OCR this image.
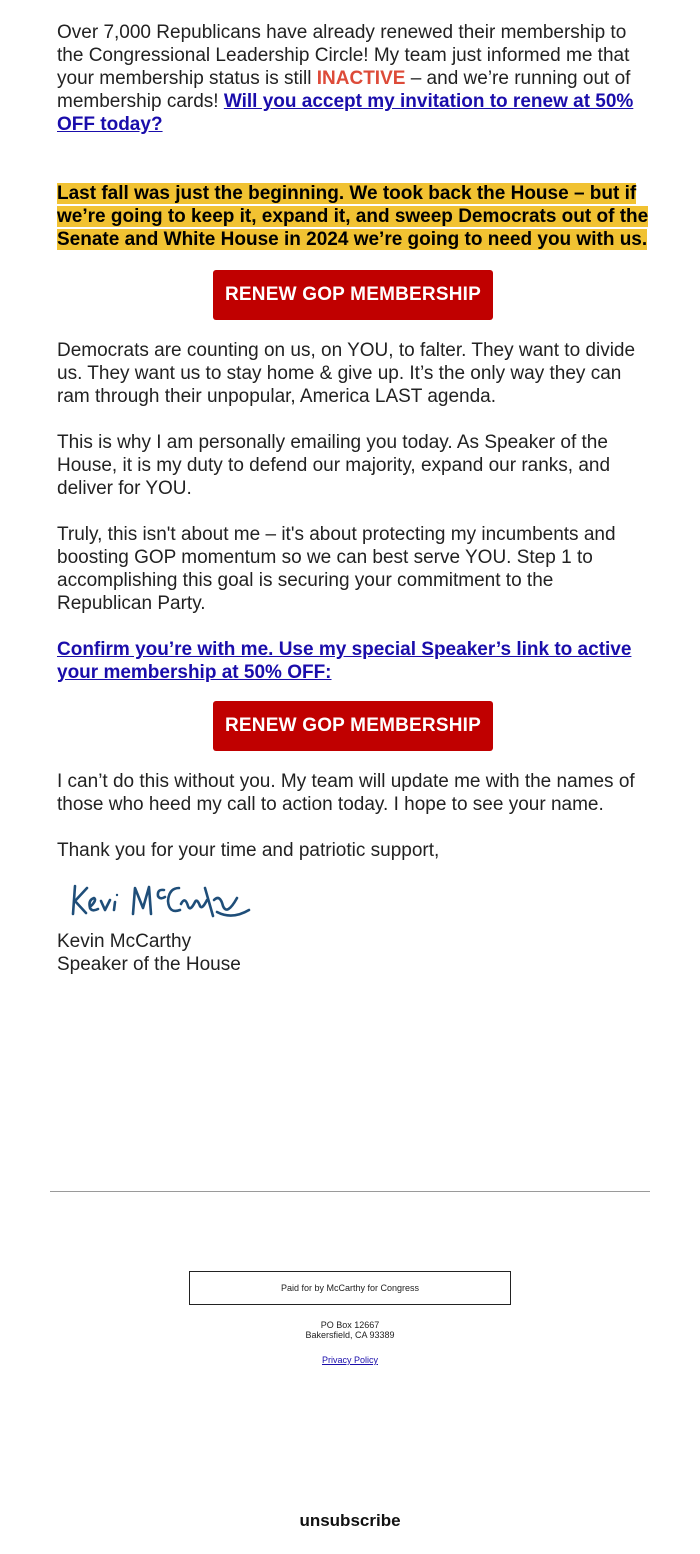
Over 7,000 Republicans have already renewed their membership to the Congressional Leadership Circle! My team just informed me that your membership status is still INACTIVE – and we’re running out of membership cards! Will you accept my invitation to renew at 50% OFF today?

Last fall was just the beginning. We took back the House – but if we’re going to keep it, expand it, and sweep Democrats out of the Senate and White House in 2024 we’re going to need you with us.

RENEW GOP MEMBERSHIP

Democrats are counting on us, on YOU, to falter. They want to divide us. They want us to stay home & give up. It’s the only way they can ram through their unpopular, America LAST agenda.

This is why I am personally emailing you today. As Speaker of the House, it is my duty to defend our majority, expand our ranks, and deliver for YOU.

Truly, this isn't about me – it's about protecting my incumbents and boosting GOP momentum so we can best serve YOU. Step 1 to accomplishing this goal is securing your commitment to the Republican Party.

Confirm you’re with me. Use my special Speaker’s link to active your membership at 50% OFF:

RENEW GOP MEMBERSHIP

I can’t do this without you. My team will update me with the names of those who heed my call to action today. I hope to see your name.

Thank you for your time and patriotic support,

Kevin McCarthy

Speaker of the House

Paid for by McCarthy for Congress
PO Box 12667
Bakersfield, CA 93389
Privacy Policy
unsubscribe
